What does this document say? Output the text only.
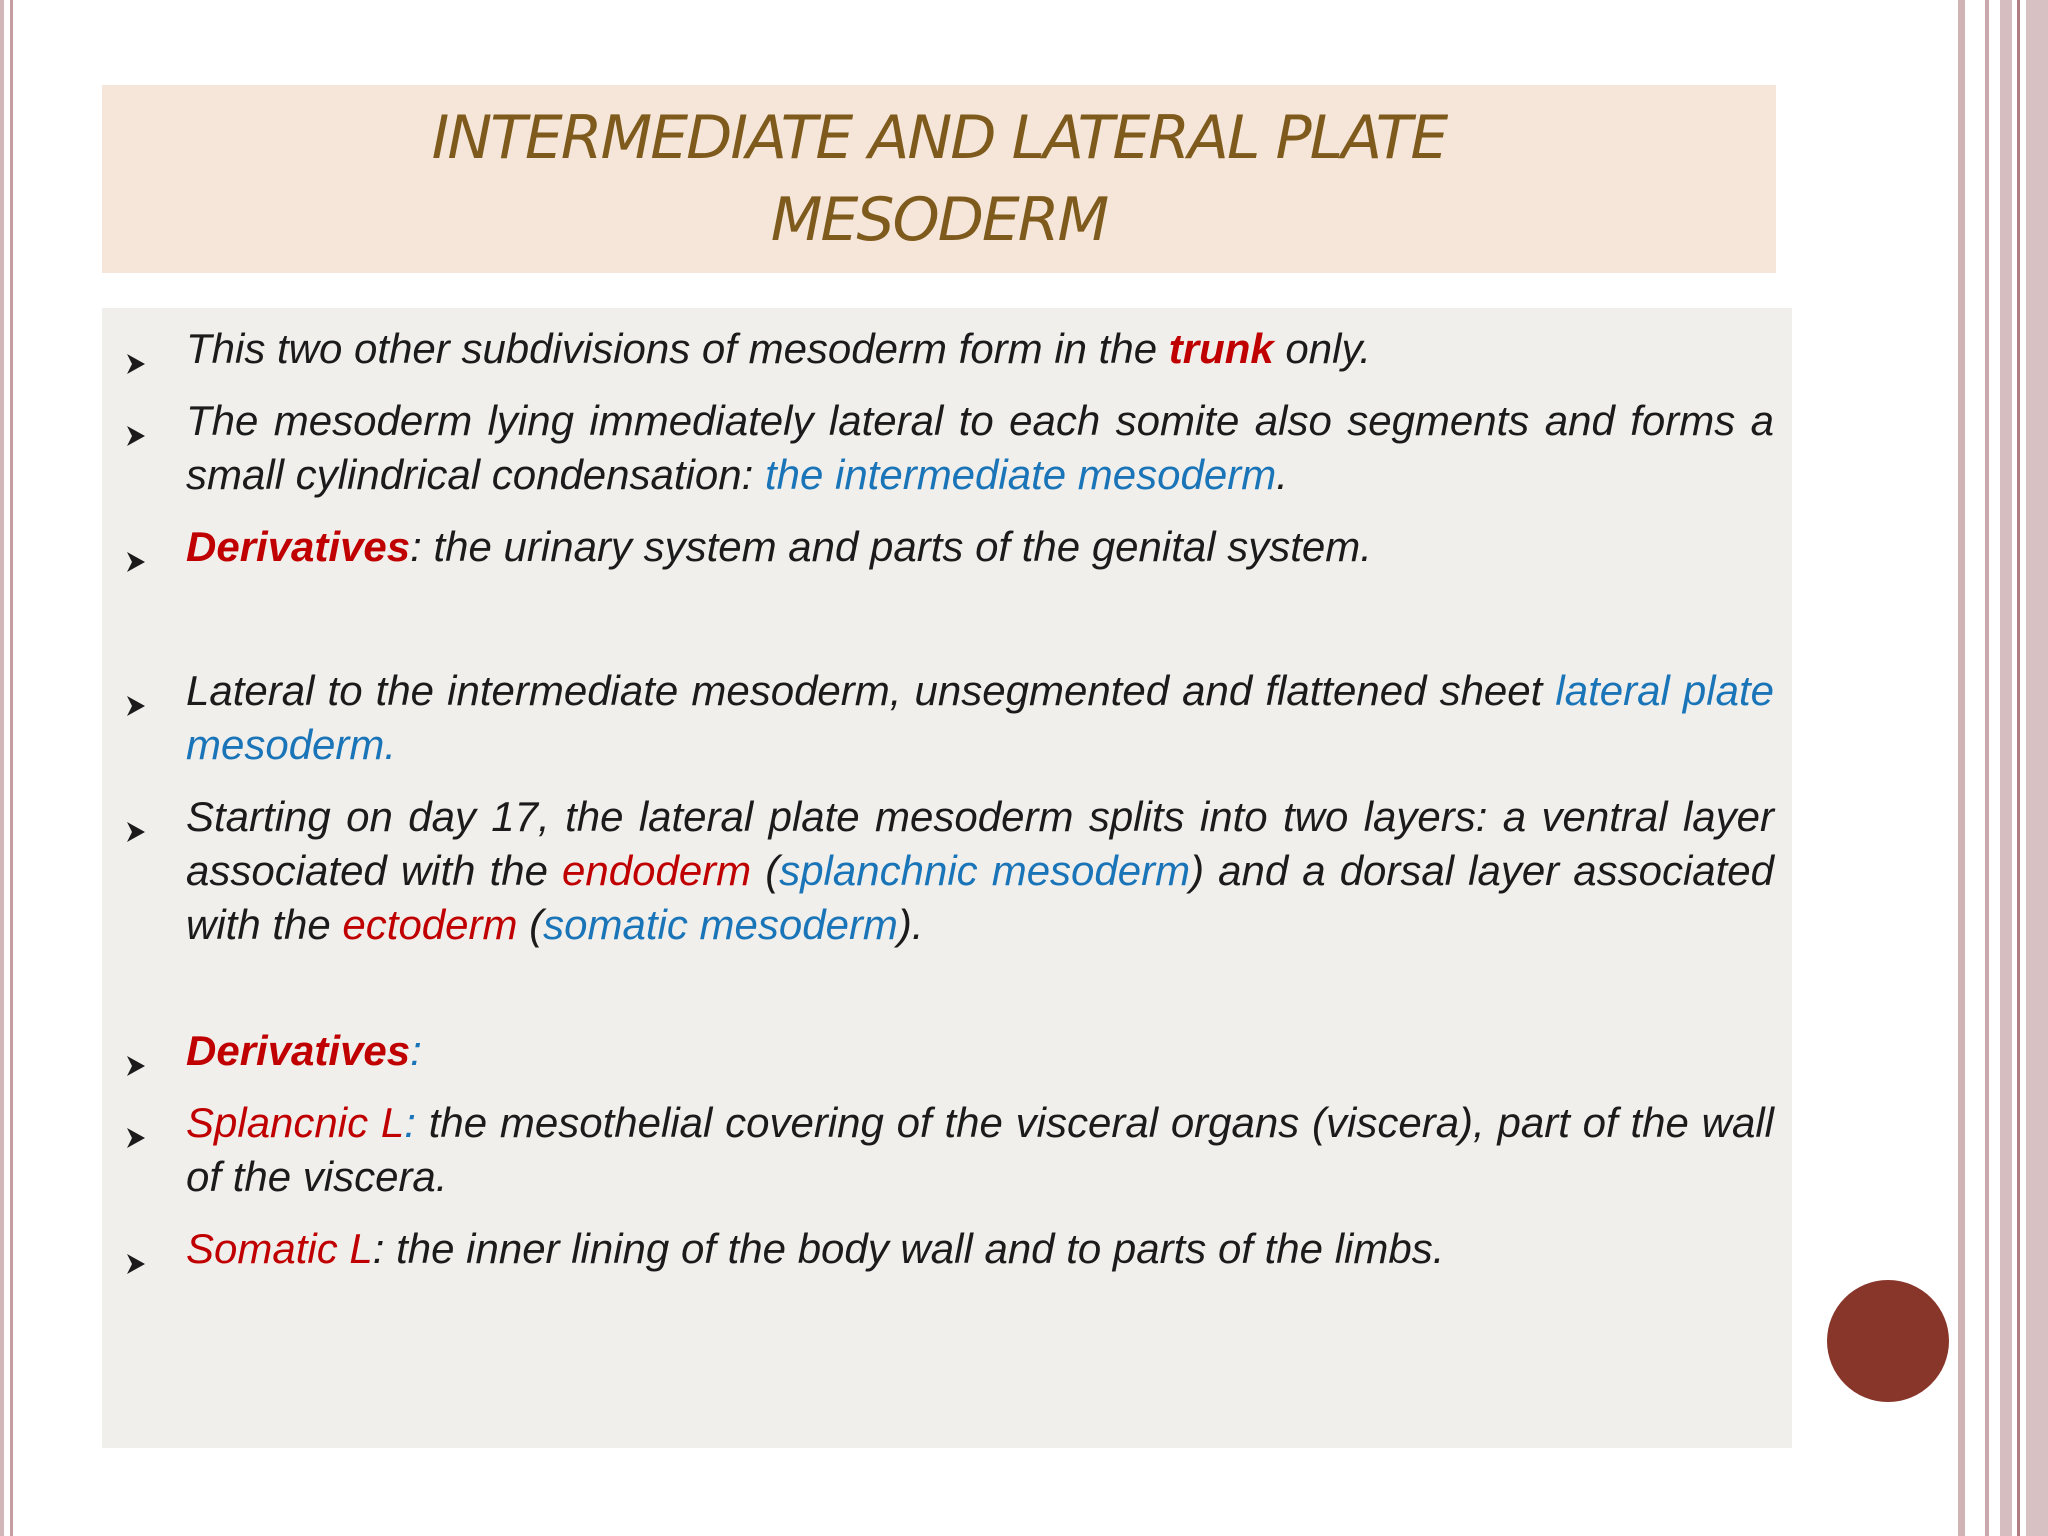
INTERMEDIATE AND LATERAL PLATE
MESODERM

This two other subdivisions of mesoderm form in the trunk only.

The mesoderm lying immediately lateral to each somite also segments and forms a small cylindrical condensation: the intermediate mesoderm.

Derivatives: the urinary system and parts of the genital system.

Lateral to the intermediate mesoderm, unsegmented and flattened sheet lateral plate mesoderm.

Starting on day 17, the lateral plate mesoderm splits into two layers: a ventral layer associated with the endoderm (splanchnic mesoderm) and a dorsal layer associated with the ectoderm (somatic mesoderm).

Derivatives:

Splancnic L: the mesothelial covering of the visceral organs (viscera), part of the wall of the viscera.

Somatic L: the inner lining of the body wall and to parts of the limbs.
